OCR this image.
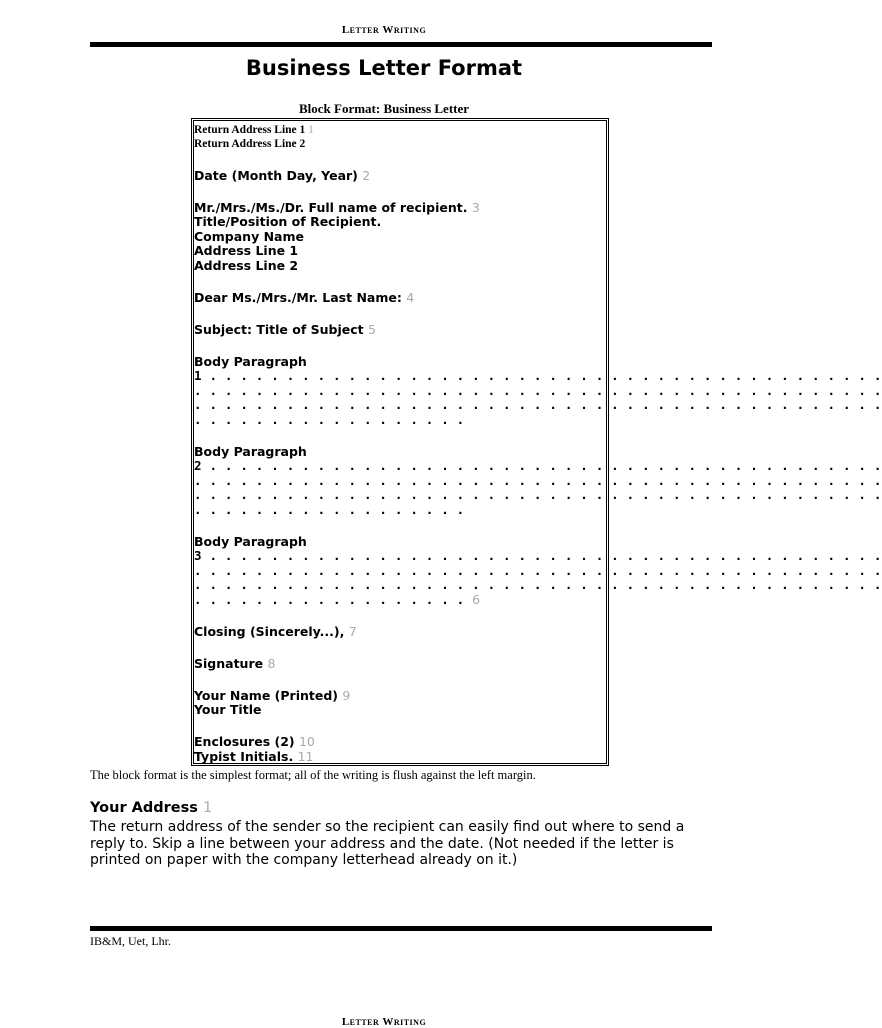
Letter Writing
Business Letter Format
Block Format: Business Letter
Return Address Line 1 1
Return Address Line 2
Date (Month Day, Year) 2
Mr./Mrs./Ms./Dr. Full name of recipient. 3
Title/Position of Recipient.
Company Name
Address Line 1
Address Line 2
Dear Ms./Mrs./Mr. Last Name: 4
Subject: Title of Subject 5
Body Paragraph
1 . . . . . . . . . . . . . . . . . . . . . . . . . . . . . . . . . . . . . . . . . . . .
. . . . . . . . . . . . . . . . . . . . . . . . . . . . . . . . . . . . . . . . . . . . .
. . . . . . . . . . . . . . . . . . . . . . . . . . . . . . . . . . . . . . . . . . . . .
. . . . . . . . . . . . . . . . . .
Body Paragraph
2 . . . . . . . . . . . . . . . . . . . . . . . . . . . . . . . . . . . . . . . . . . . .
. . . . . . . . . . . . . . . . . . . . . . . . . . . . . . . . . . . . . . . . . . . . .
. . . . . . . . . . . . . . . . . . . . . . . . . . . . . . . . . . . . . . . . . . . . .
. . . . . . . . . . . . . . . . . .
Body Paragraph
3 . . . . . . . . . . . . . . . . . . . . . . . . . . . . . . . . . . . . . . . . . . . .
. . . . . . . . . . . . . . . . . . . . . . . . . . . . . . . . . . . . . . . . . . . . .
. . . . . . . . . . . . . . . . . . . . . . . . . . . . . . . . . . . . . . . . . . . . .
. . . . . . . . . . . . . . . . . . 6
Closing (Sincerely...), 7
Signature 8
Your Name (Printed) 9
Your Title
Enclosures (2) 10
Typist Initials. 11
The block format is the simplest format; all of the writing is flush against the left margin.
Your Address 1
The return address of the sender so the recipient can easily find out where to send a reply to. Skip a line between your address and the date. (Not needed if the letter is printed on paper with the company letterhead already on it.)
IB&M, Uet, Lhr.
Letter Writing
